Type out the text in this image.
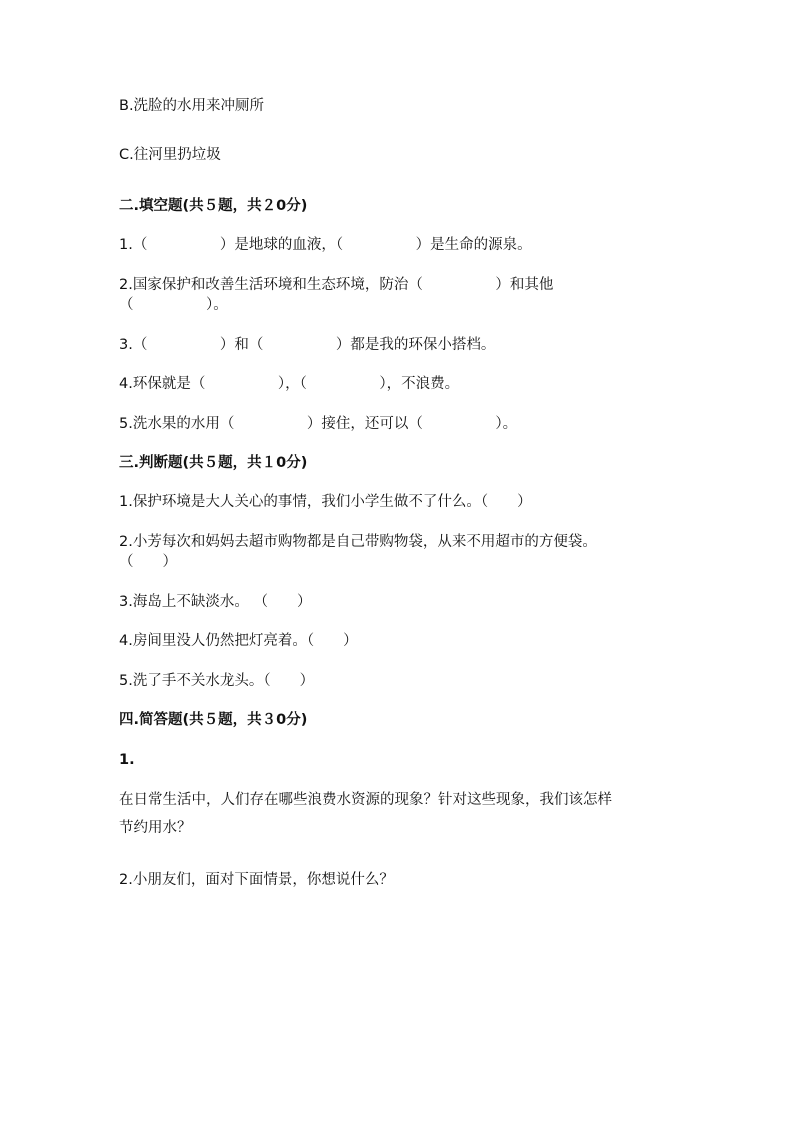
B.洗脸的水用来冲厕所
C.往河里扔垃圾
二.填空题(共５题，共２0分)
1.（　　　　　）是地球的血液，（　　　　　）是生命的源泉。
2.国家保护和改善生活环境和生态环境，防治（　　　　　）和其他
（　　　　　）。
3.（　　　　　）和（　　　　　）都是我的环保小搭档。
4.环保就是（　　　　　），（　　　　　），不浪费。
5.洗水果的水用（　　　　　）接住，还可以（　　　　　）。
三.判断题(共５题，共１0分)
1.保护环境是大人关心的事情，我们小学生做不了什么。（　　）
2.小芳每次和妈妈去超市购物都是自己带购物袋，从来不用超市的方便袋。
（　　）
3.海岛上不缺淡水。 （　　）
4.房间里没人仍然把灯亮着。（　　）
5.洗了手不关水龙头。（　　）
四.简答题(共５题，共３0分)
1.
在日常生活中，人们存在哪些浪费水资源的现象？针对这些现象，我们该怎样
节约用水？
2.小朋友们，面对下面情景，你想说什么？
